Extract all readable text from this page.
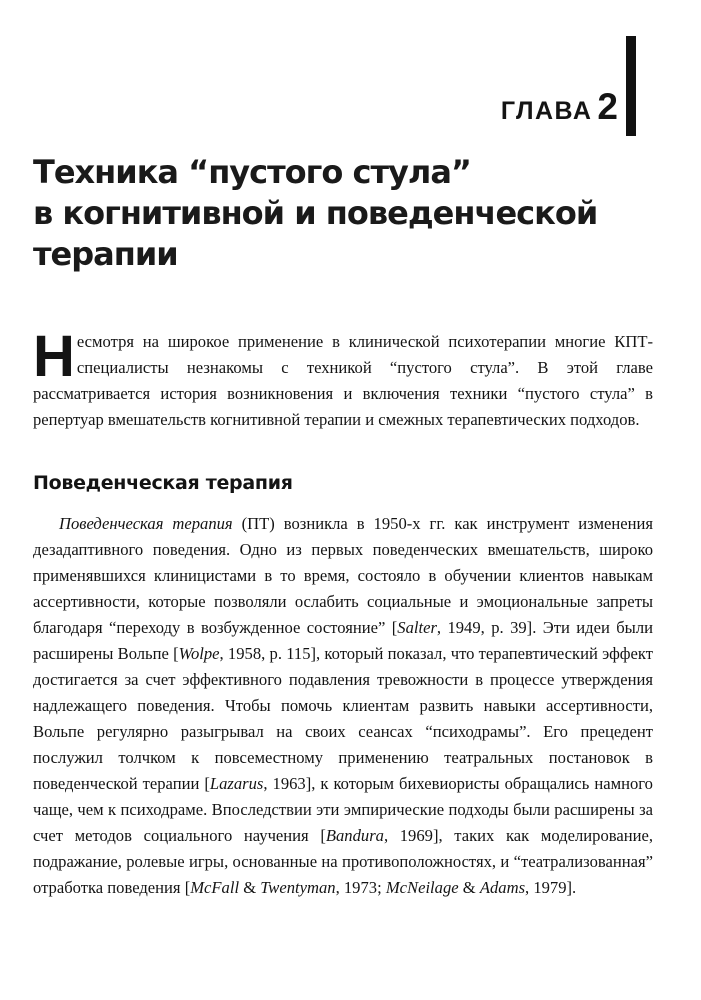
ГЛАВА 2
Техника “пустого стула”
в когнитивной и поведенческой
терапии

Несмотря на широкое применение в клинической психотерапии многие КПТ-специалисты незнакомы с техникой “пустого стула”. В этой главе рассматривается история возникновения и включения техники “пустого стула” в репертуар вмешательств когнитивной терапии и смежных терапевтических подходов.

Поведенческая терапия

Поведенческая терапия (ПТ) возникла в 1950-х гг. как инструмент изменения дезадаптивного поведения. Одно из первых поведенческих вмешательств, широко применявшихся клиницистами в то время, состояло в обучении клиентов навыкам ассертивности, которые позволяли ослабить социальные и эмоциональные запреты благодаря “переходу в возбужденное состояние” [Salter, 1949, p. 39]. Эти идеи были расширены Вольпе [Wolpe, 1958, p. 115], который показал, что терапевтический эффект достигается за счет эффективного подавления тревожности в процессе утверждения надлежащего поведения. Чтобы помочь клиентам развить навыки ассертивности, Вольпе регулярно разыгрывал на своих сеансах “психодрамы”. Его прецедент послужил толчком к повсеместному применению театральных постановок в поведенческой терапии [Lazarus, 1963], к которым бихевиористы обращались намного чаще, чем к психодраме. Впоследствии эти эмпирические подходы были расширены за счет методов социального научения [Bandura, 1969], таких как моделирование, подражание, ролевые игры, основанные на противоположностях, и “театрализованная” отработка поведения [McFall & Twentyman, 1973; McNeilage & Adams, 1979].
